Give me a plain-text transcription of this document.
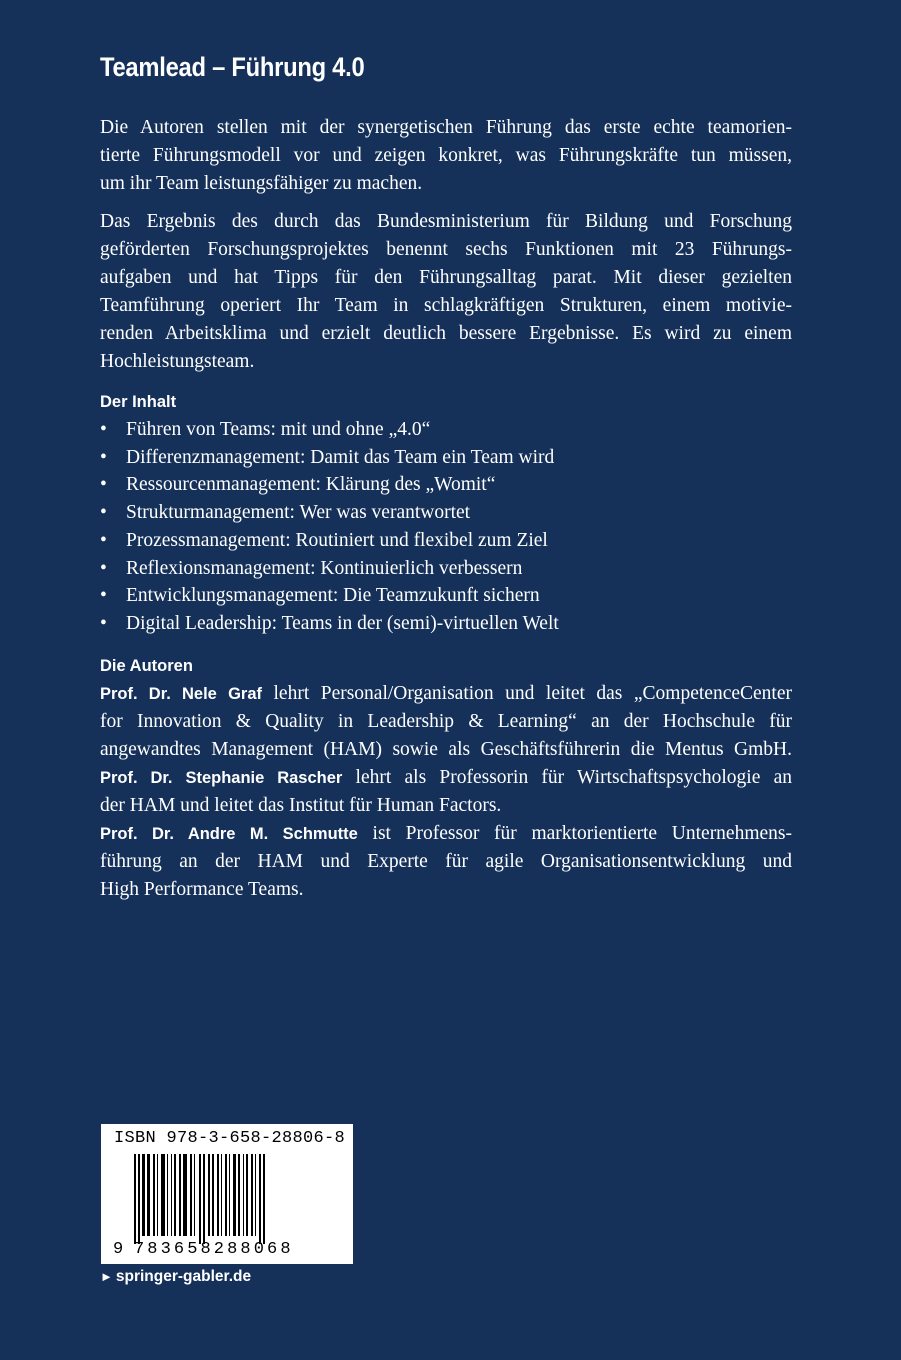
Teamlead – Führung 4.0

Die Autoren stellen mit der synergetischen Führung das erste echte teamorien-
tierte Führungsmodell vor und zeigen konkret, was Führungskräfte tun müssen,
um ihr Team leistungsfähiger zu machen.

Das Ergebnis des durch das Bundesministerium für Bildung und Forschung
geförderten Forschungsprojektes benennt sechs Funktionen mit 23 Führungs-
aufgaben und hat Tipps für den Führungsalltag parat. Mit dieser gezielten
Teamführung operiert Ihr Team in schlagkräftigen Strukturen, einem motivie-
renden Arbeitsklima und erzielt deutlich bessere Ergebnisse. Es wird zu einem
Hochleistungsteam.

Der Inhalt
• Führen von Teams: mit und ohne „4.0“
• Differenzmanagement: Damit das Team ein Team wird
• Ressourcenmanagement: Klärung des „Womit“
• Strukturmanagement: Wer was verantwortet
• Prozessmanagement: Routiniert und flexibel zum Ziel
• Reflexionsmanagement: Kontinuierlich verbessern
• Entwicklungsmanagement: Die Teamzukunft sichern
• Digital Leadership: Teams in der (semi)-virtuellen Welt
Die Autoren
Prof. Dr. Nele Graf lehrt Personal/Organisation und leitet das „CompetenceCenter
for Innovation & Quality in Leadership & Learning“ an der Hochschule für
angewandtes Management (HAM) sowie als Geschäftsführerin die Mentus GmbH.
Prof. Dr. Stephanie Rascher lehrt als Professorin für Wirtschaftspsychologie an
der HAM und leitet das Institut für Human Factors.
Prof. Dr. Andre M. Schmutte ist Professor für marktorientierte Unternehmens-
führung an der HAM und Experte für agile Organisationsentwicklung und
High Performance Teams.
ISBN 978-3-658-28806-8
9 783658288068
► springer-gabler.de
